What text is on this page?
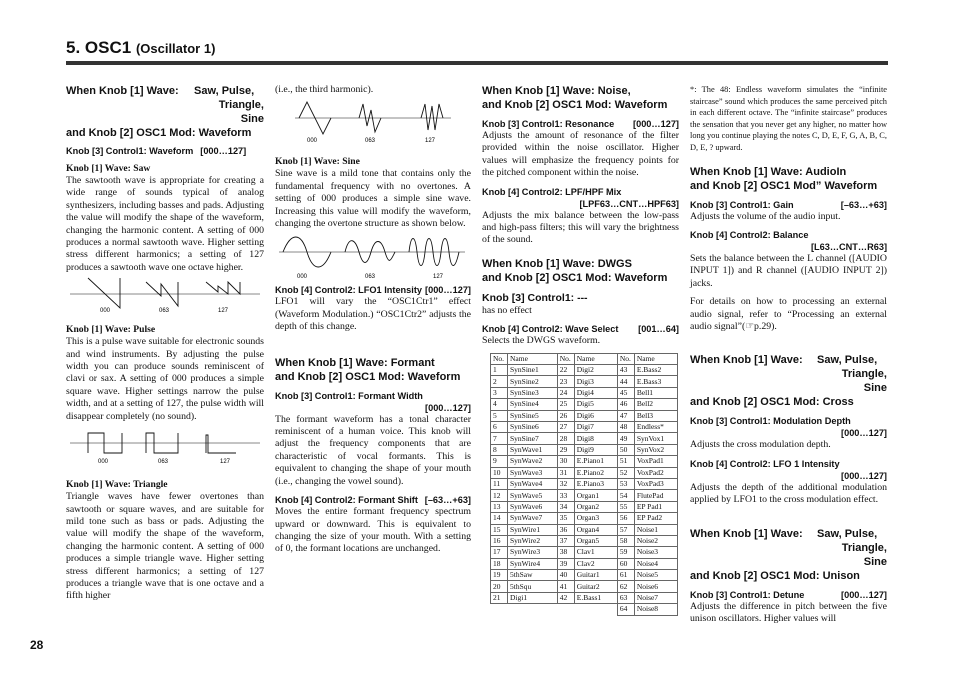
5. OSC1 (Oscillator 1)
When Knob [1] Wave: Saw, Pulse,
Triangle, Sine
and Knob [2] OSC1 Mod: Waveform
Knob [3] Control1: Waveform [000…127]
Knob [1] Wave: Saw

The sawtooth wave is appropriate for creating a wide range of sounds typical of analog synthesizers, including basses and pads. Adjusting the value will modify the shape of the waveform, changing the harmonic content. A setting of 000 produces a normal sawtooth wave. Higher setting stress different harmonics; a setting of 127 produces a sawtooth wave one octave higher.

000	063	127
Knob [1] Wave: Pulse

This is a pulse wave suitable for electronic sounds and wind instruments. By adjusting the pulse width you can produce sounds reminiscent of clavi or sax. A setting of 000 produces a simple square wave. Higher settings narrow the pulse width, and at a setting of 127, the pulse width will disappear completely (no sound).

000	063	127
Knob [1] Wave: Triangle

Triangle waves have fewer overtones than sawtooth or square waves, and are suitable for mild tone such as bass or pads. Adjusting the value will modify the shape of the waveform, changing the harmonic content. A setting of 000 produces a simple triangle wave. Higher setting stress different harmonics; a setting of 127 produces a triangle wave that is one octave and a fifth higher

(i.e., the third harmonic).

000	063	127
Knob [1] Wave: Sine

Sine wave is a mild tone that contains only the fundamental frequency with no overtones. A setting of 000 produces a simple sine wave. Increasing this value will modify the waveform, changing the overtone structure as shown below.

000	063	127
Knob [4] Control2: LFO1 Intensity [000…127]

LFO1 will vary the “OSC1Ctr1” effect (Waveform Modulation.) “OSC1Ctr2” adjusts the depth of this change.

When Knob [1] Wave: Formant
and Knob [2] OSC1 Mod: Waveform
Knob [3] Control1: Formant Width
[000…127]

The formant waveform has a tonal character reminiscent of a human voice. This knob will adjust the frequency components that are characteristic of vocal formants. This is equivalent to changing the shape of your mouth (i.e., changing the vowel sound).

Knob [4] Control2: Formant Shift [–63…+63]

Moves the entire formant frequency spectrum upward or downward. This is equivalent to changing the size of your mouth. With a setting of 0, the formant locations are unchanged.

When Knob [1] Wave: Noise,
and Knob [2] OSC1 Mod: Waveform
Knob [3] Control1: Resonance [000…127]

Adjusts the amount of resonance of the filter provided within the noise oscillator. Higher values will emphasize the frequency points for the pitched component within the noise.

Knob [4] Control2: LPF/HPF Mix
[LPF63…CNT…HPF63]

Adjusts the mix balance between the low-pass and high-pass filters; this will vary the brightness of the sound.

When Knob [1] Wave: DWGS
and Knob [2] OSC1 Mod: Waveform
Knob [3] Control1: ---

has no effect

Knob [4] Control2: Wave Select [001…64]

Selects the DWGS waveform.

No.	Name	No.	Name	No.	Name
1	SynSine1	22	Digi2	43	E.Bass2
2	SynSine2	23	Digi3	44	E.Bass3
3	SynSine3	24	Digi4	45	Bell1
4	SynSine4	25	Digi5	46	Bell2
5	SynSine5	26	Digi6	47	Bell3
6	SynSine6	27	Digi7	48	Endless*
7	SynSine7	28	Digi8	49	SynVox1
8	SynWave1	29	Digi9	50	SynVox2
9	SynWave2	30	E.Piano1	51	VoxPad1
10	SynWave3	31	E.Piano2	52	VoxPad2
11	SynWave4	32	E.Piano3	53	VoxPad3
12	SynWave5	33	Organ1	54	FlutePad
13	SynWave6	34	Organ2	55	EP Pad1
14	SynWave7	35	Organ3	56	EP Pad2
15	SynWire1	36	Organ4	57	Noise1
16	SynWire2	37	Organ5	58	Noise2
17	SynWire3	38	Clav1	59	Noise3
18	SynWire4	39	Clav2	60	Noise4
19	5thSaw	40	Guitar1	61	Noise5
20	5thSqu	41	Guitar2	62	Noise6
21	Digi1	42	E.Bass1	63	Noise7
				64	Noise8

*: The 48: Endless waveform simulates the “infinite staircase” sound which produces the same perceived pitch in each different octave. The “infinite staircase” produces the sensation that you never get any higher, no matter how long you continue playing the notes C, D, E, F, G, A, B, C, D, E, ? upward.

When Knob [1] Wave: AudioIn
and Knob [2] OSC1 Mod” Waveform
Knob [3] Control1: Gain	[–63…+63]

Adjusts the volume of the audio input.

Knob [4] Control2: Balance
[L63…CNT…R63]

Sets the balance between the L channel ([AUDIO INPUT 1]) and R channel ([AUDIO INPUT 2]) jacks.

For details on how to processing an external audio signal, refer to “Processing an external audio signal”(☞p.29).

When Knob [1] Wave: Saw, Pulse,
Triangle, Sine
and Knob [2] OSC1 Mod: Cross
Knob [3] Control1: Modulation Depth
[000…127]

Adjusts the cross modulation depth.

Knob [4] Control2: LFO 1 Intensity
[000…127]

Adjusts the depth of the additional modulation applied by LFO1 to the cross modulation effect.

When Knob [1] Wave: Saw, Pulse,
Triangle, Sine
and Knob [2] OSC1 Mod: Unison
Knob [3] Control1: Detune	[000…127]

Adjusts the difference in pitch between the five unison oscillators. Higher values will

28
